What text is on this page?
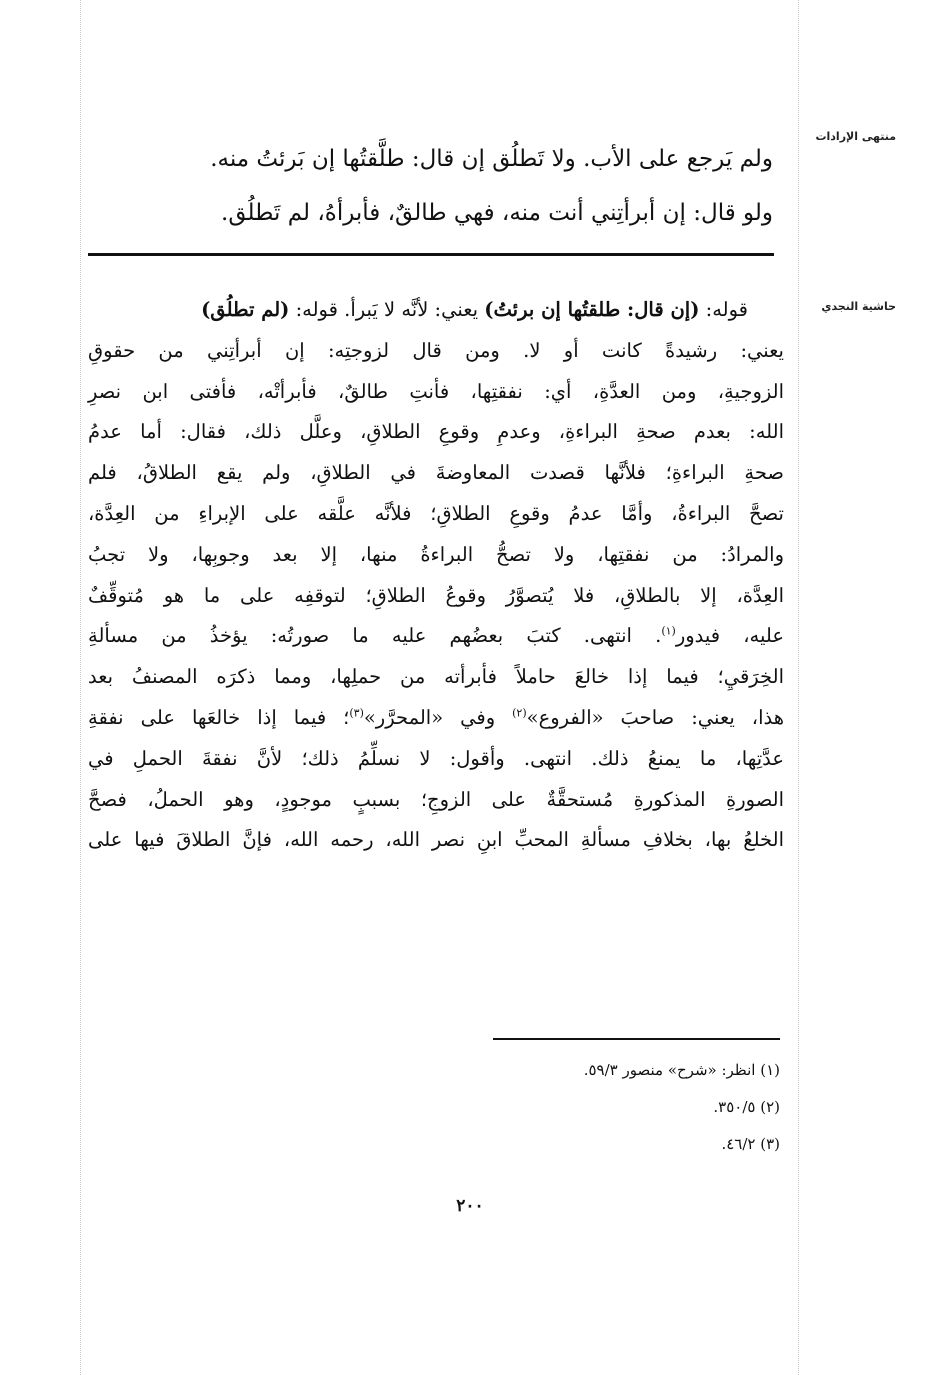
منتهى الإرادات
حاشية النجدي
ولم يَرجع على الأب. ولا تَطلُق إن قال: طلَّقتُها إن بَرئتُ منه.
ولو قال: إن أبرأتِني أنت منه، فهي طالقٌ، فأبرأهُ، لم تَطلُق.
قوله: (إن قال: طلقتُها إن برئتُ) يعني: لأنَّه لا يَبرأ. قوله: (لم تطلُق)
يعني: رشيدةً كانت أو لا. ومن قال لزوجتِه: إن أبرأتِني من حقوقِ
الزوجيةِ، ومن العدَّةِ، أي: نفقتِها، فأنتِ طالقٌ، فأبرأتْه، فأفتى ابن نصرِ
الله: بعدم صحةِ البراءةِ، وعدمِ وقوعِ الطلاقِ، وعلَّل ذلك، فقال: أما عدمُ
صحةِ البراءةِ؛ فلأنَّها قصدت المعاوضةَ في الطلاقِ، ولم يقع الطلاقُ، فلم
تصحَّ البراءةُ، وأمَّا عدمُ وقوعِ الطلاقِ؛ فلأنَّه علَّقه على الإبراءِ من العِدَّة،
والمرادُ: من نفقتِها، ولا تصحُّ البراءةُ منها، إلا بعد وجوبِها، ولا تجبُ
العِدَّة، إلا بالطلاقِ، فلا يُتصوَّرُ وقوعُ الطلاقِ؛ لتوقفِه على ما هو مُتوقِّفٌ
عليه، فيدور$^{(١)}$. انتهى. كتبَ بعضُهم عليه ما صورتُه: يؤخذُ من مسألةِ
الخِرَقيِ؛ فيما إذا خالعَ حاملاً فأبرأته من حملِها، ومما ذكرَه المصنفُ بعد
هذا، يعني: صاحبَ «الفروع»$^{(٢)}$ وفي «المحرَّر»$^{(٣)}$؛ فيما إذا خالعَها على نفقةِ
عدَّتِها، ما يمنعُ ذلك. انتهى. وأقول: لا نسلِّمُ ذلك؛ لأنَّ نفقةَ الحملِ في
الصورةِ المذكورةِ مُستحقَّةٌ على الزوجِ؛ بسببٍ موجودٍ، وهو الحملُ، فصحَّ
الخلعُ بها، بخلافِ مسألةِ المحبِّ ابنِ نصر الله، رحمه الله، فإنَّ الطلاقَ فيها على
(١) انظر: «شرح» منصور ٥٩/٣.
(٢) ٣٥٠/٥.
(٣) ٤٦/٢.
٢٠٠
